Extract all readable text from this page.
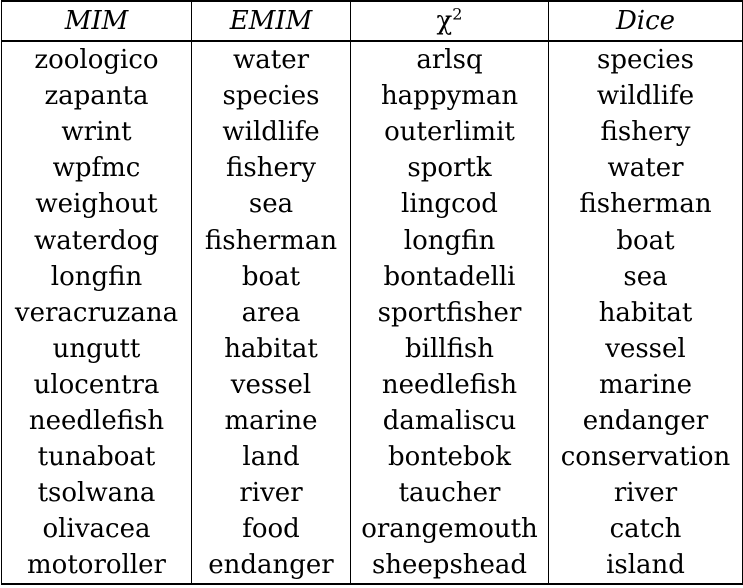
MIM	EMIM	$\chi^2$	Dice
zoologico	water	arlsq	species
zapanta	species	happyman	wildlife
wrint	wildlife	outerlimit	fishery
wpfmc	fishery	sportk	water
weighout	sea	lingcod	fisherman
waterdog	fisherman	longfin	boat
longfin	boat	bontadelli	sea
veracruzana	area	sportfisher	habitat
ungutt	habitat	billfish	vessel
ulocentra	vessel	needlefish	marine
needlefish	marine	damaliscu	endanger
tunaboat	land	bontebok	conservation
tsolwana	river	taucher	river
olivacea	food	orangemouth	catch
motoroller	endanger	sheepshead	island
